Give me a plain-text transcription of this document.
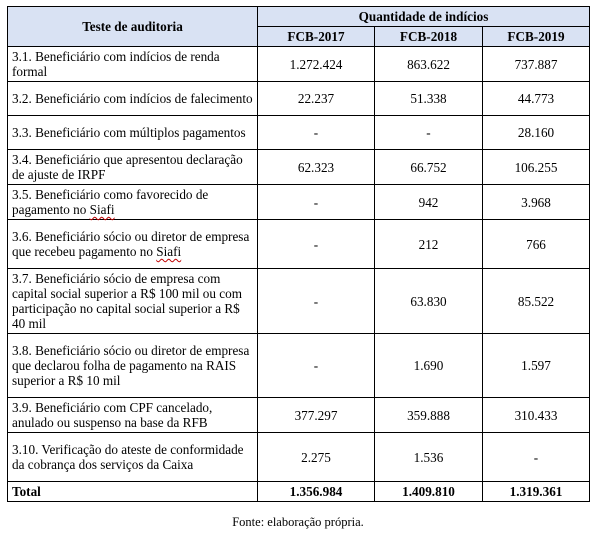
Teste de auditoria	Quantidade de indícios		
	FCB-2017	FCB-2018	FCB-2019
3.1. Beneficiário com indícios de renda formal	1.272.424	863.622	737.887
3.2. Beneficiário com indícios de falecimento	22.237	51.338	44.773
3.3. Beneficiário com múltiplos pagamentos	-	-	28.160
3.4. Beneficiário que apresentou declaração de ajuste de IRPF	62.323	66.752	106.255
3.5. Beneficiário como favorecido de pagamento no Siafi	-	942	3.968
3.6. Beneficiário sócio ou diretor de empresa que recebeu pagamento no Siafi	-	212	766
3.7. Beneficiário sócio de empresa com capital social superior a R$ 100 mil ou com participação no capital social superior a R$ 40 mil	-	63.830	85.522
3.8. Beneficiário sócio ou diretor de empresa que declarou folha de pagamento na RAIS superior a R$ 10 mil	-	1.690	1.597
3.9. Beneficiário com CPF cancelado, anulado ou suspenso na base da RFB	377.297	359.888	310.433
3.10. Verificação do ateste de conformidade da cobrança dos serviços da Caixa	2.275	1.536	-
Total	1.356.984	1.409.810	1.319.361
Fonte: elaboração própria.
